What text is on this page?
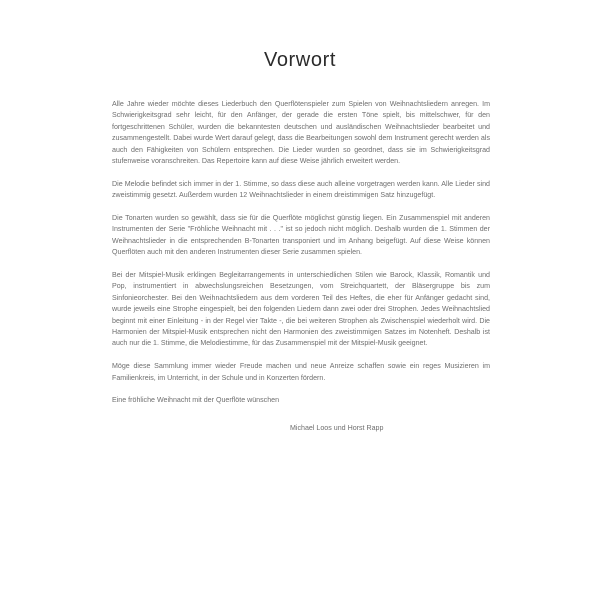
Vorwort

Alle Jahre wieder möchte dieses Liederbuch den Querflötenspieler zum Spielen von Weihnachtsliedern anregen. Im Schwierigkeitsgrad sehr leicht, für den Anfänger, der gerade die ersten Töne spielt, bis mittelschwer, für den fortgeschrittenen Schüler, wurden die bekanntesten deutschen und ausländischen Weihnachtslieder bearbeitet und zusammengestellt. Dabei wurde Wert darauf gelegt, dass die Bearbeitungen sowohl dem Instrument gerecht werden als auch den Fähigkeiten von Schülern entsprechen. Die Lieder wurden so geordnet, dass sie im Schwierigkeitsgrad stufenweise voranschreiten. Das Repertoire kann auf diese Weise jährlich erweitert werden.

Die Melodie befindet sich immer in der 1. Stimme, so dass diese auch alleine vorgetragen werden kann. Alle Lieder sind zweistimmig gesetzt. Außerdem wurden 12 Weihnachtslieder in einem dreistimmigen Satz hinzugefügt.

Die Tonarten wurden so gewählt, dass sie für die Querflöte möglichst günstig liegen. Ein Zusammenspiel mit anderen Instrumenten der Serie "Fröhliche Weihnacht mit . . ." ist so jedoch nicht möglich. Deshalb wurden die 1. Stimmen der Weihnachtslieder in die entsprechenden B-Tonarten transponiert und im Anhang beigefügt. Auf diese Weise können Querflöten auch mit den anderen Instrumenten dieser Serie zusammen spielen.

Bei der Mitspiel-Musik erklingen Begleitarrangements in unterschiedlichen Stilen wie Barock, Klassik, Romantik und Pop, instrumentiert in abwechslungsreichen Besetzungen, vom Streichquartett, der Bläsergruppe bis zum Sinfonieorchester. Bei den Weihnachtsliedern aus dem vorderen Teil des Heftes, die eher für Anfänger gedacht sind, wurde jeweils eine Strophe eingespielt, bei den folgenden Liedern dann zwei oder drei Strophen. Jedes Weihnachtslied beginnt mit einer Einleitung - in der Regel vier Takte -, die bei weiteren Strophen als Zwischenspiel wiederholt wird. Die Harmonien der Mitspiel-Musik entsprechen nicht den Harmonien des zweistimmigen Satzes im Notenheft. Deshalb ist auch nur die 1. Stimme, die Melodiestimme, für das Zusammenspiel mit der Mitspiel-Musik geeignet.

Möge diese Sammlung immer wieder Freude machen und neue Anreize schaffen sowie ein reges Musizieren im Familienkreis, im Unterricht, in der Schule und in Konzerten fördern.

Eine fröhliche Weihnacht mit der Querflöte wünschen

Michael Loos und Horst Rapp
